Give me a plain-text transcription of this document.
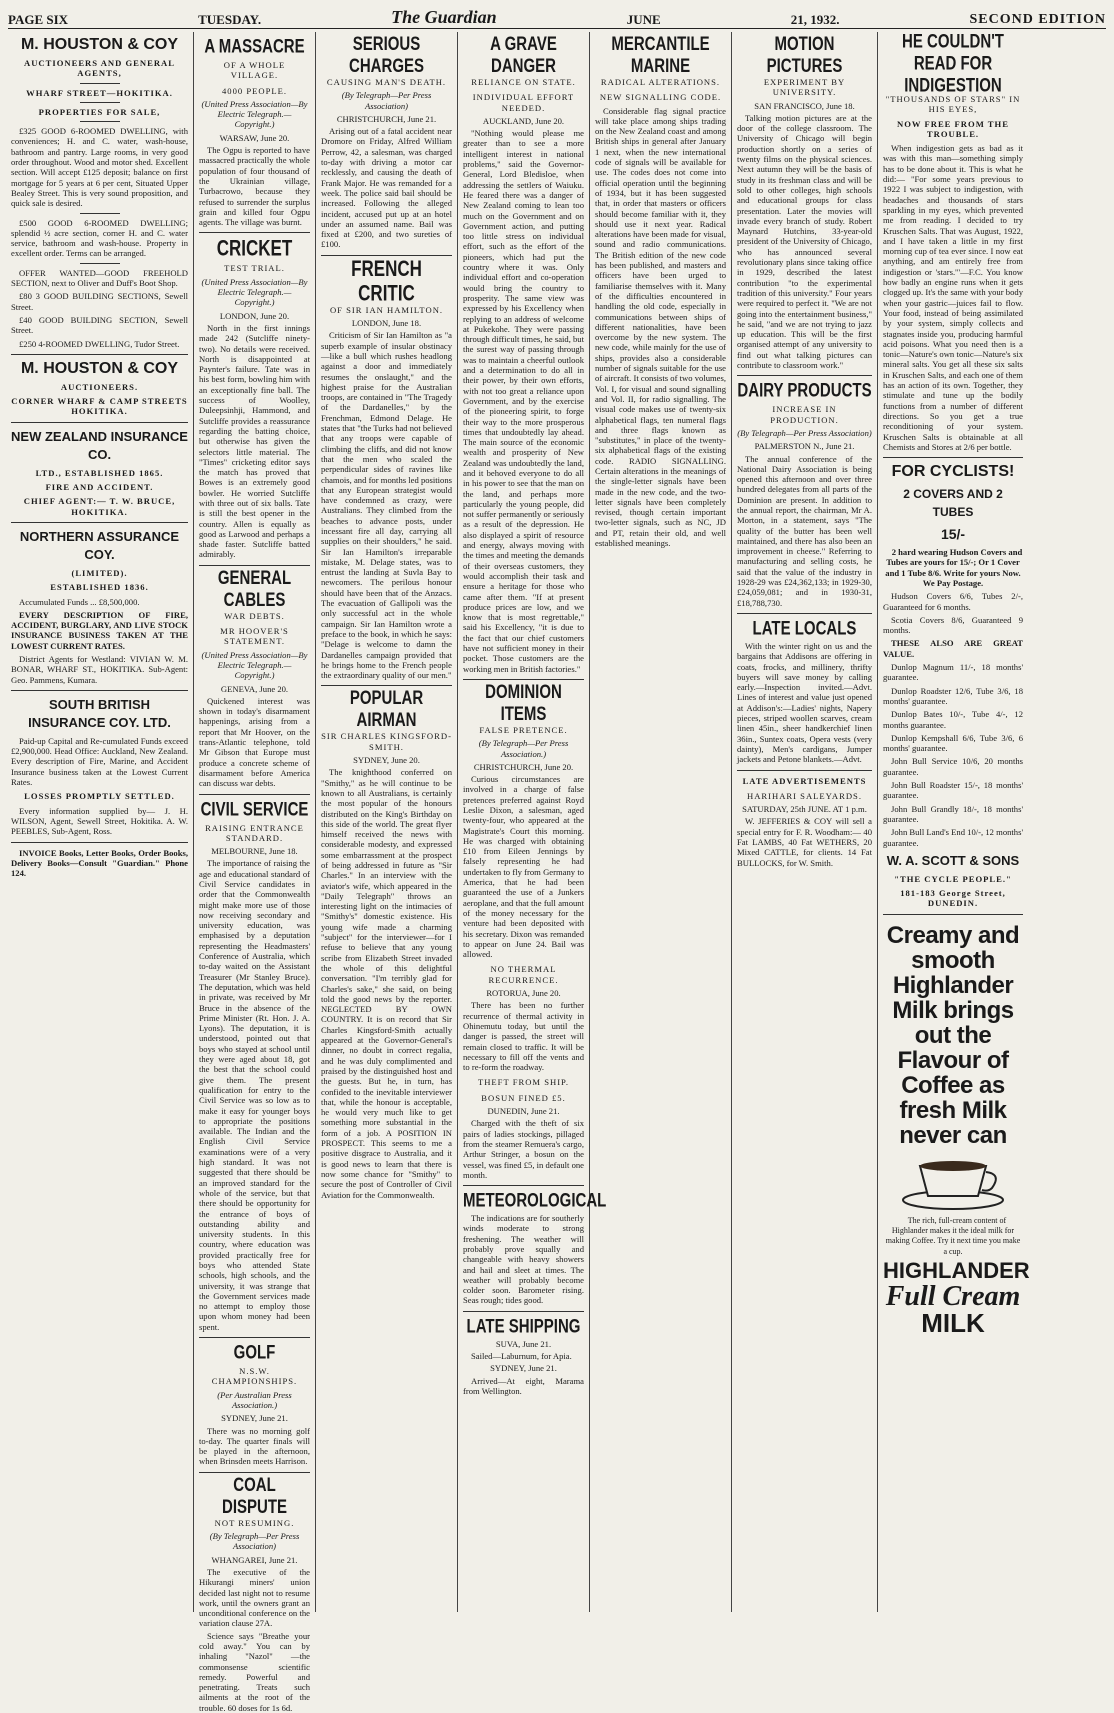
PAGE SIX	TUESDAY.	The Guardian	JUNE	21, 1932.	SECOND EDITION
M. HOUSTON & COY
AUCTIONEERS AND GENERAL AGENTS,
WHARF STREET—HOKITIKA.
PROPERTIES FOR SALE,

£325 GOOD 6-ROOMED DWELLING, with conveniences; H. and C. water, wash-house, bathroom and pantry. Large rooms, in very good order throughout. Wood and motor shed. Excellent section. Will accept £125 deposit; balance on first mortgage for 5 years at 6 per cent, Situated Upper Bealey Street. This is very sound proposition, and quick sale is desired.

£500 GOOD 6-ROOMED DWELLING; splendid ½ acre section, corner H. and C. water service, bathroom and wash-house. Property in excellent order. Terms can be arranged.

OFFER WANTED—GOOD FREEHOLD SECTION, next to Oliver and Duff's Boot Shop.

£80 3 GOOD BUILDING SECTIONS, Sewell Street.

£40 GOOD BUILDING SECTION, Sewell Street.

£250 4-ROOMED DWELLING, Tudor Street.

M. HOUSTON & COY
AUCTIONEERS.
CORNER WHARF & CAMP STREETS HOKITIKA.
NEW ZEALAND INSURANCE CO.
LTD., ESTABLISHED 1865.
FIRE AND ACCIDENT.
CHIEF AGENT:— T. W. BRUCE, HOKITIKA.
NORTHERN ASSURANCE COY.
(LIMITED).
ESTABLISHED 1836.

Accumulated Funds ... £8,500,000.

EVERY DESCRIPTION OF FIRE, ACCIDENT, BURGLARY, AND LIVE STOCK INSURANCE BUSINESS TAKEN AT THE LOWEST CURRENT RATES.

District Agents for Westland: VIVIAN W. M. BONAR, WHARF ST., HOKITIKA. Sub-Agent: Geo. Pammens, Kumara.

SOUTH BRITISH INSURANCE COY. LTD.

Paid-up Capital and Re-cumulated Funds exceed £2,900,000. Head Office: Auckland, New Zealand. Every description of Fire, Marine, and Accident Insurance business taken at the Lowest Current Rates.

LOSSES PROMPTLY SETTLED.

Every information supplied by— J. H. WILSON, Agent, Sewell Street, Hokitika. A. W. PEEBLES, Sub-Agent, Ross.

INVOICE Books, Letter Books, Order Books, Delivery Books—Consult "Guardian." Phone 124.

A MASSACRE
OF A WHOLE VILLAGE.
4000 PEOPLE.
(United Press Association—By Electric Telegraph.—Copyright.)
WARSAW, June 20.

The Ogpu is reported to have massacred practically the whole population of four thousand of the Ukrainian village, Turbacrowo, because they refused to surrender the surplus grain and killed four Ogpu agents. The village was burnt.

CRICKET
TEST TRIAL.
(United Press Association—By Electric Telegraph.—Copyright.)
LONDON, June 20.

North in the first innings made 242 (Sutcliffe ninety-two). No details were received. North is disappointed at Paynter's failure. Tate was in his best form, bowling him with an exceptionally fine ball. The success of Woolley, Duleepsinhji, Hammond, and Sutcliffe provides a reassurance regarding the batting choice, but otherwise has given the selectors little material. The "Times" cricketing editor says the match has proved that Bowes is an extremely good bowler. He worried Sutcliffe with three out of six balls. Tate is still the best opener in the country. Allen is equally as good as Larwood and perhaps a shade faster. Sutcliffe batted admirably.

GENERAL CABLES
WAR DEBTS.
MR HOOVER'S STATEMENT.
(United Press Association—By Electric Telegraph.—Copyright.)
GENEVA, June 20.

Quickened interest was shown in today's disarmament happenings, arising from a report that Mr Hoover, on the trans-Atlantic telephone, told Mr Gibson that Europe must produce a concrete scheme of disarmament before America can discuss war debts.

CIVIL SERVICE
RAISING ENTRANCE STANDARD.
MELBOURNE, June 18.

The importance of raising the age and educational standard of Civil Service candidates in order that the Commonwealth might make more use of those now receiving secondary and university education, was emphasised by a deputation representing the Headmasters' Conference of Australia, which to-day waited on the Assistant Treasurer (Mr Stanley Bruce). The deputation, which was held in private, was received by Mr Bruce in the absence of the Prime Minister (Rt. Hon. J. A. Lyons). The deputation, it is understood, pointed out that boys who stayed at school until they were aged about 18, got the best that the school could give them. The present qualification for entry to the Civil Service was so low as to make it easy for younger boys to appropriate the positions available. The Indian and the English Civil Service examinations were of a very high standard. It was not suggested that there should be an improved standard for the whole of the service, but that there should be opportunity for the entrance of boys of outstanding ability and university students. In this country, where education was provided practically free for boys who attended State schools, high schools, and the university, it was strange that the Government services made no attempt to employ those upon whom money had been spent.

GOLF
N.S.W. CHAMPIONSHIPS.
(Per Australian Press Association.)
SYDNEY, June 21.

There was no morning golf to-day. The quarter finals will be played in the afternoon, when Brinsden meets Harrison.

COAL DISPUTE
NOT RESUMING.
(By Telegraph—Per Press Association)
WHANGAREI, June 21.

The executive of the Hikurangi miners' union decided last night not to resume work, until the owners grant an unconditional conference on the variation clause 27A.

Science says "Breathe your cold away." You can by inhaling "Nazol" —the commonsense scientific remedy. Powerful and penetrating. Treats such ailments at the root of the trouble. 60 doses for 1s 6d.

SERIOUS CHARGES
CAUSING MAN'S DEATH.
(By Telegraph—Per Press Association)
CHRISTCHURCH, June 21.

Arising out of a fatal accident near Dromore on Friday, Alfred William Perrow, 42, a salesman, was charged to-day with driving a motor car recklessly, and causing the death of Frank Major. He was remanded for a week. The police said bail should be increased. Following the alleged incident, accused put up at an hotel under an assumed name. Bail was fixed at £200, and two sureties of £100.

FRENCH CRITIC
OF SIR IAN HAMILTON.
LONDON, June 18.

Criticism of Sir Ian Hamilton as "a superb example of insular obstinacy—like a bull which rushes headlong against a door and immediately resumes the onslaught," and the highest praise for the Australian troops, are contained in "The Tragedy of the Dardanelles," by the Frenchman, Edmond Delage. He states that "the Turks had not believed that any troops were capable of climbing the cliffs, and did not know that the men who scaled the perpendicular sides of ravines like chamois, and for months led positions that any European strategist would have condemned as crazy, were Australians. They climbed from the beaches to advance posts, under incessant fire all day, carrying all supplies on their shoulders," he said. Sir Ian Hamilton's irreparable mistake, M. Delage states, was to entrust the landing at Suvla Bay to newcomers. The perilous honour should have been that of the Anzacs. The evacuation of Gallipoli was the only successful act in the whole campaign. Sir Ian Hamilton wrote a preface to the book, in which he says: "Delage is welcome to damn the Dardanelles campaign provided that he brings home to the French people the extraordinary quality of our men."

POPULAR AIRMAN
SIR CHARLES KINGSFORD-SMITH.
SYDNEY, June 20.

The knighthood conferred on "Smithy," as he will continue to be known to all Australians, is certainly the most popular of the honours distributed on the King's Birthday on this side of the world. The great flyer himself received the news with considerable modesty, and expressed some embarrassment at the prospect of being addressed in future as "Sir Charles." In an interview with the aviator's wife, which appeared in the "Daily Telegraph" throws an interesting light on the intimacies of "Smithy's" domestic existence. His young wife made a charming "subject" for the interviewer—for I refuse to believe that any young scribe from Elizabeth Street invaded the whole of this delightful conversation. "I'm terribly glad for Charles's sake," she said, on being told the good news by the reporter. NEGLECTED BY OWN COUNTRY. It is on record that Sir Charles Kingsford-Smith actually appeared at the Governor-General's dinner, no doubt in correct regalia, and he was duly complimented and praised by the distinguished host and the guests. But he, in turn, has confided to the inevitable interviewer that, while the honour is acceptable, he would very much like to get something more substantial in the form of a job. A POSITION IN PROSPECT. This seems to me a positive disgrace to Australia, and it is good news to learn that there is now some chance for "Smithy" to secure the post of Controller of Civil Aviation for the Commonwealth.

A GRAVE DANGER
RELIANCE ON STATE.
INDIVIDUAL EFFORT NEEDED.
AUCKLAND, June 20.

"Nothing would please me greater than to see a more intelligent interest in national problems," said the Governor-General, Lord Bledisloe, when addressing the settlers of Waiuku. He feared there was a danger of New Zealand coming to lean too much on the Government and on Government action, and putting too little stress on individual effort, such as the effort of the pioneers, which had put the country where it was. Only individual effort and co-operation would bring the country to prosperity. The same view was expressed by his Excellency when replying to an address of welcome at Pukekohe. They were passing through difficult times, he said, but the surest way of passing through was to maintain a cheerful outlook and a determination to do all in their power, by their own efforts, with not too great a reliance upon Government, and by the exercise of the pioneering spirit, to forge their way to the more prosperous times that undoubtedly lay ahead. The main source of the economic wealth and prosperity of New Zealand was undoubtedly the land, and it behoved everyone to do all in his power to see that the man on the land, and perhaps more particularly the young people, did not suffer permanently or seriously as a result of the depression. He also displayed a spirit of resource and energy, always moving with the times and meeting the demands of their overseas customers, they would accomplish their task and ensure a heritage for those who came after them. "If at present produce prices are low, and we know that is most regrettable," said his Excellency, "it is due to the fact that our chief customers have not sufficient money in their pocket. Those customers are the working men in British factories."

DOMINION ITEMS
FALSE PRETENCE.
(By Telegraph—Per Press Association.)
CHRISTCHURCH, June 20.

Curious circumstances are involved in a charge of false pretences preferred against Royd Leslie Dixon, a salesman, aged twenty-four, who appeared at the Magistrate's Court this morning. He was charged with obtaining £10 from Eileen Jennings by falsely representing he had undertaken to fly from Germany to America, that he had been guaranteed the use of a Junkers aeroplane, and that the full amount of the money necessary for the venture had been deposited with his secretary. Dixon was remanded to appear on June 24. Bail was allowed.

NO THERMAL RECURRENCE.
ROTORUA, June 20.

There has been no further recurrence of thermal activity in Ohinemutu today, but until the danger is passed, the street will remain closed to traffic. It will be necessary to fill off the vents and to re-form the roadway.

THEFT FROM SHIP.
BOSUN FINED £5.
DUNEDIN, June 21.

Charged with the theft of six pairs of ladies stockings, pillaged from the steamer Remuera's cargo, Arthur Stringer, a bosun on the vessel, was fined £5, in default one month.

METEOROLOGICAL

The indications are for southerly winds moderate to strong freshening. The weather will probably prove squally and changeable with heavy showers and hail and sleet at times. The weather will probably become colder soon. Barometer rising. Seas rough; tides good.

LATE SHIPPING
SUVA, June 21.

Sailed—Laburnum, for Apia.

SYDNEY, June 21.

Arrived—At eight, Marama from Wellington.

MERCANTILE MARINE
RADICAL ALTERATIONS.
NEW SIGNALLING CODE.

Considerable flag signal practice will take place among ships trading on the New Zealand coast and among British ships in general after January 1 next, when the new international code of signals will be available for use. The codes does not come into official operation until the beginning of 1934, but it has been suggested that, in order that masters or officers should become familiar with it, they should use it next year. Radical alterations have been made for visual, sound and radio communications. The British edition of the new code has been published, and masters and officers have been urged to familiarise themselves with it. Many of the difficulties encountered in handling the old code, especially in communications between ships of different nationalities, have been overcome by the new system. The new code, while mainly for the use of ships, provides also a considerable number of signals suitable for the use of aircraft. It consists of two volumes, Vol. I, for visual and sound signalling and Vol. II, for radio signalling. The visual code makes use of twenty-six alphabetical flags, ten numeral flags and three flags known as "substitutes," in place of the twenty-six alphabetical flags of the existing code. RADIO SIGNALLING. Certain alterations in the meanings of the single-letter signals have been made in the new code, and the two-letter signals have been completely revised, though certain important two-letter signals, such as NC, JD and PT, retain their old, and well established meanings.

MOTION PICTURES
EXPERIMENT BY UNIVERSITY.
SAN FRANCISCO, June 18.

Talking motion pictures are at the door of the college classroom. The University of Chicago will begin production shortly on a series of twenty films on the physical sciences. Next autumn they will be the basis of study in its freshman class and will be sold to other colleges, high schools and educational groups for class presentation. Later the movies will invade every branch of study. Robert Maynard Hutchins, 33-year-old president of the University of Chicago, who has announced several revolutionary plans since taking office in 1929, described the latest contribution "to the experimental tradition of this university." Four years were required to perfect it. "We are not going into the entertainment business," he said, "and we are not trying to jazz up education. This will be the first organised attempt of any university to find out what talking pictures can contribute to classroom work."

DAIRY PRODUCTS
INCREASE IN PRODUCTION.
(By Telegraph—Per Press Association)
PALMERSTON N., June 21.

The annual conference of the National Dairy Association is being opened this afternoon and over three hundred delegates from all parts of the Dominion are present. In addition to the annual report, the chairman, Mr A. Morton, in a statement, says "The quality of the butter has been well maintained, and there has also been an improvement in cheese." Referring to manufacturing and selling costs, he said that the value of the industry in 1928-29 was £24,362,133; in 1929-30, £24,059,081; and in 1930-31, £18,788,730.

LATE LOCALS

With the winter right on us and the bargains that Addisons are offering in coats, frocks, and millinery, thrifty buyers will save money by calling early.—Inspection invited.—Advt. Lines of interest and value just opened at Addison's:—Ladies' nights, Napery pieces, striped woollen scarves, cream linen 45in., sheer handkerchief linen 36in., Suntex coats, Opera vests (very dainty), Men's cardigans, Jumper jackets and Petone blankets.—Advt.

LATE ADVERTISEMENTS
HARIHARI SALEYARDS.
SATURDAY, 25th JUNE. AT 1 p.m.

W. JEFFERIES & COY will sell a special entry for F. R. Woodham:— 40 Fat LAMBS, 40 Fat WETHERS, 20 Mixed CATTLE, for clients. 14 Fat BULLOCKS, for W. Smith.

HE COULDN'T READ FOR INDIGESTION
"THOUSANDS OF STARS" IN HIS EYES,
NOW FREE FROM THE TROUBLE.

When indigestion gets as bad as it was with this man—something simply has to be done about it. This is what he did:— "For some years previous to 1922 I was subject to indigestion, with headaches and thousands of stars sparkling in my eyes, which prevented me from reading. I decided to try Kruschen Salts. That was August, 1922, and I have taken a little in my first morning cup of tea ever since. I now eat anything, and am entirely free from indigestion or 'stars.'"—F.C. You know how badly an engine runs when it gets clogged up. It's the same with your body when your gastric—juices fail to flow. Your food, instead of being assimilated by your system, simply collects and stagnates inside you, producing harmful acid poisons. What you need then is a tonic—Nature's own tonic—Nature's six mineral salts. You get all these six salts in Kruschen Salts, and each one of them has an action of its own. Together, they stimulate and tune up the bodily functions from a number of different directions. So you get a true reconditioning of your system. Kruschen Salts is obtainable at all Chemists and Stores at 2/6 per bottle.

FOR CYCLISTS!
2 COVERS AND 2 TUBES
15/-

2 hard wearing Hudson Covers and Tubes are yours for 15/-; Or 1 Cover and 1 Tube 8/6. Write for yours Now. We Pay Postage.

Hudson Covers 6/6, Tubes 2/-, Guaranteed for 6 months.

Scotia Covers 8/6, Guaranteed 9 months.

THESE ALSO ARE GREAT VALUE.

Dunlop Magnum 11/-, 18 months' guarantee.

Dunlop Roadster 12/6, Tube 3/6, 18 months' guarantee.

Dunlop Bates 10/-, Tube 4/-, 12 months guarantee.

Dunlop Kempshall 6/6, Tube 3/6, 6 months' guarantee.

John Bull Service 10/6, 20 months guarantee.

John Bull Roadster 15/-, 18 months' guarantee.

John Bull Grandly 18/-, 18 months' guarantee.

John Bull Land's End 10/-, 12 months' guarantee.

W. A. SCOTT & SONS
"THE CYCLE PEOPLE."
181-183 George Street, DUNEDIN.
Creamy and smooth Highlander Milk brings out the Flavour of Coffee as fresh Milk never can

The rich, full-cream content of Highlander makes it the ideal milk for making Coffee. Try it next time you make a cup.

HIGHLANDER
Full Cream
MILK
